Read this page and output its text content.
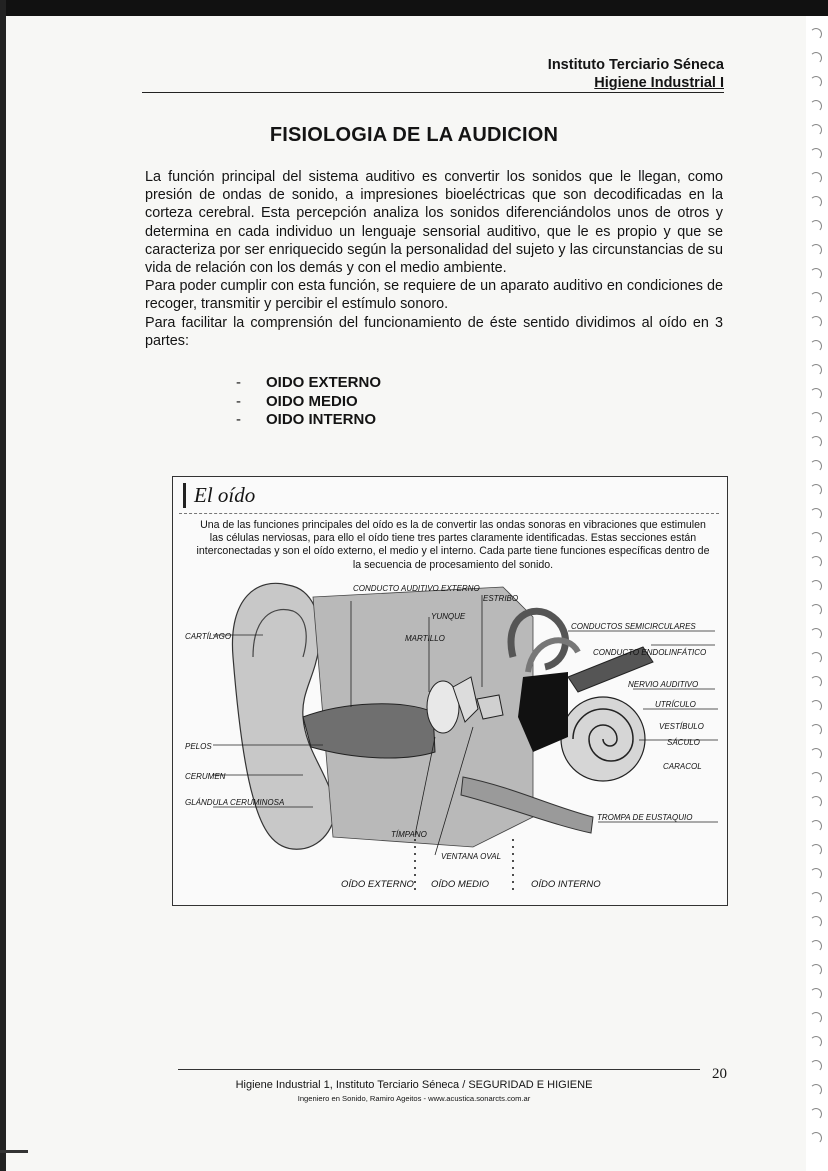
Instituto Terciario Séneca
Higiene Industrial I
FISIOLOGIA DE LA AUDICION

La función principal del sistema auditivo es convertir los sonidos que le llegan, como presión de ondas de sonido, a impresiones bioeléctricas que son decodificadas en la corteza cerebral. Esta percepción analiza los sonidos diferenciándolos unos de otros y determina en cada individuo un lenguaje sensorial auditivo, que le es propio y que se caracteriza por ser enriquecido según la personalidad del sujeto y las circunstancias de su vida de relación con los demás y con el medio ambiente.

Para poder cumplir con esta función, se requiere de un aparato auditivo en condiciones de recoger, transmitir y percibir el estímulo sonoro.

Para facilitar la comprensión del funcionamiento de éste sentido dividimos al oído en 3 partes:

-	OIDO EXTERNO
-	OIDO MEDIO
-	OIDO INTERNO
CONDUCTO AUDITIVO EXTERNO
ESTRIBO
YUNQUE
MARTILLO
CARTÍLAGO
CONDUCTOS SEMICIRCULARES
CONDUCTO ENDOLINFÁTICO
NERVIO AUDITIVO
UTRÍCULO
VESTÍBULO
SÁCULO
CARACOL
PELOS
CERUMEN
GLÁNDULA CERUMINOSA
TROMPA DE EUSTAQUIO
TÍMPANO
VENTANA OVAL
OÍDO EXTERNO OÍDO MEDIO	OÍDO INTERNO
El oído
Una de las funciones principales del oído es la de convertir las ondas sonoras en vibraciones que estimulen las células nerviosas, para ello el oído tiene tres partes claramente identificadas. Estas secciones están interconectadas y son el oído externo, el medio y el interno. Cada parte tiene funciones específicas dentro de la secuencia de procesamiento del sonido.
20
Higiene Industrial 1, Instituto Terciario Séneca / SEGURIDAD E HIGIENE
Ingeniero en Sonido, Ramiro Ageitos - www.acustica.sonarcts.com.ar
